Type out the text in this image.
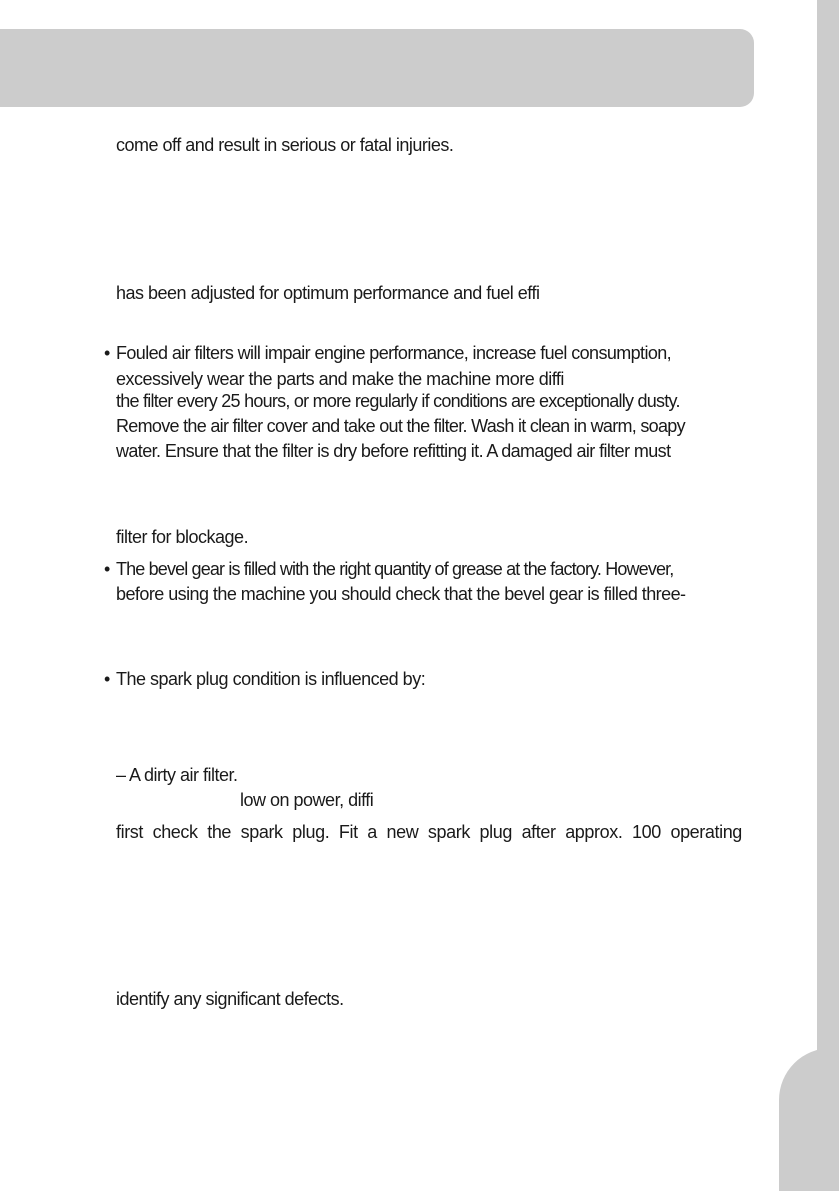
come off and result in serious or fatal injuries.
has been adjusted for optimum performance and fuel effi
• Fouled air filters will impair engine performance, increase fuel consumption,
excessively wear the parts and make the machine more diffi
the filter every 25 hours, or more regularly if conditions are exceptionally dusty.
Remove the air filter cover and take out the filter. Wash it clean in warm, soapy
water. Ensure that the filter is dry before refitting it. A damaged air filter must
filter for blockage.
• The bevel gear is filled with the right quantity of grease at the factory. However,
before using the machine you should check that the bevel gear is filled three-
• The spark plug condition is influenced by:
– A dirty air filter.
low on power, diffi
first check the spark plug. Fit a new spark plug after approx. 100 operating
identify any significant defects.
